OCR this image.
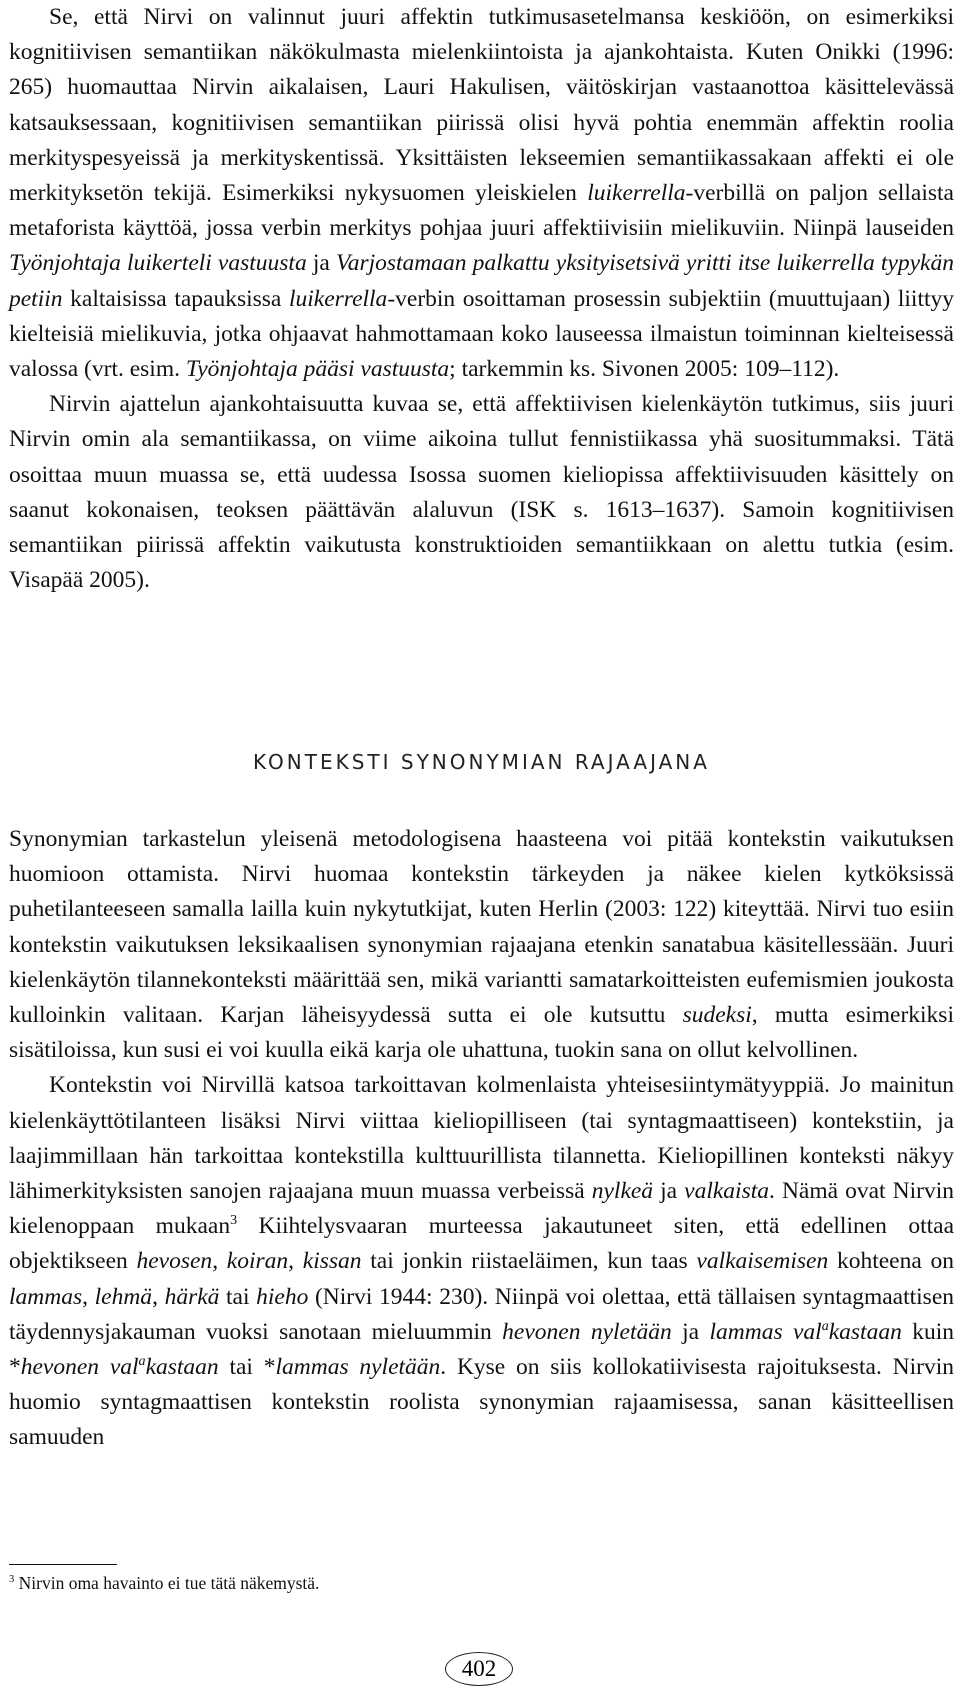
Se, että Nirvi on valinnut juuri affektin tutkimusasetelmansa keskiöön, on esimerkiksi kognitiivisen semantiikan näkökulmasta mielenkiintoista ja ajankohtaista. Kuten Onikki (1996: 265) huomauttaa Nirvin aikalaisen, Lauri Hakulisen, väitöskirjan vastaanottoa käsittelevässä katsauksessaan, kognitiivisen semantiikan piirissä olisi hyvä pohtia enemmän affektin roolia merkityspesyeissä ja merkityskentissä. Yksittäisten lekseemien semantiikassakaan affekti ei ole merkityksetön tekijä. Esimerkiksi nykysuomen yleiskielen luikerrella-verbillä on paljon sellaista metaforista käyttöä, jossa verbin merkitys pohjaa juuri affektiivisiin mielikuviin. Niinpä lauseiden Työnjohtaja luikerteli vastuusta ja Varjostamaan palkattu yksityisetsivä yritti itse luikerrella typykän petiin kaltaisissa tapauksissa luikerrella-verbin osoittaman prosessin subjektiin (muuttujaan) liittyy kielteisiä mielikuvia, jotka ohjaavat hahmottamaan koko lauseessa ilmaistun toiminnan kielteisessä valossa (vrt. esim. Työnjohtaja pääsi vastuusta; tarkemmin ks. Sivonen 2005: 109–112).

Nirvin ajattelun ajankohtaisuutta kuvaa se, että affektiivisen kielenkäytön tutkimus, siis juuri Nirvin omin ala semantiikassa, on viime aikoina tullut fennistiikassa yhä suositummaksi. Tätä osoittaa muun muassa se, että uudessa Isossa suomen kieliopissa affektiivisuuden käsittely on saanut kokonaisen, teoksen päättävän alaluvun (ISK s. 1613–1637). Samoin kognitiivisen semantiikan piirissä affektin vaikutusta konstruktioiden semantiikkaan on alettu tutkia (esim. Visapää 2005).

KONTEKSTI SYNONYMIAN RAJAAJANA

Synonymian tarkastelun yleisenä metodologisena haasteena voi pitää kontekstin vaikutuksen huomioon ottamista. Nirvi huomaa kontekstin tärkeyden ja näkee kielen kytköksissä puhetilanteeseen samalla lailla kuin nykytutkijat, kuten Herlin (2003: 122) kiteyttää. Nirvi tuo esiin kontekstin vaikutuksen leksikaalisen synonymian rajaajana etenkin sanatabua käsitellessään. Juuri kielenkäytön tilannekonteksti määrittää sen, mikä variantti samatarkoitteisten eufemismien joukosta kulloinkin valitaan. Karjan läheisyydessä sutta ei ole kutsuttu sudeksi, mutta esimerkiksi sisätiloissa, kun susi ei voi kuulla eikä karja ole uhattuna, tuokin sana on ollut kelvollinen.

Kontekstin voi Nirvillä katsoa tarkoittavan kolmenlaista yhteisesiintymätyyppiä. Jo mainitun kielenkäyttötilanteen lisäksi Nirvi viittaa kieliopilliseen (tai syntagmaattiseen) kontekstiin, ja laajimmillaan hän tarkoittaa kontekstilla kulttuurillista tilannetta. Kieliopillinen konteksti näkyy lähimerkityksisten sanojen rajaajana muun muassa verbeissä nylkeä ja valkaista. Nämä ovat Nirvin kielenoppaan mukaan$^3$ Kiihtelysvaaran murteessa jakautuneet siten, että edellinen ottaa objektikseen hevosen, koiran, kissan tai jonkin riistaeläimen, kun taas valkaisemisen kohteena on lammas, lehmä, härkä tai hieho (Nirvi 1944: 230). Niinpä voi olettaa, että tällaisen syntagmaattisen täydennysjakauman vuoksi sanotaan mieluummin hevonen nyletään ja lammas val$^a$kastaan kuin *hevonen val$^a$kastaan tai *lammas nyletään. Kyse on siis kollokatiivisesta rajoituksesta. Nirvin huomio syntagmaattisen kontekstin roolista synonymian rajaamisessa, sanan käsitteellisen samuuden

$^3$ Nirvin oma havainto ei tue tätä näkemystä.
402
